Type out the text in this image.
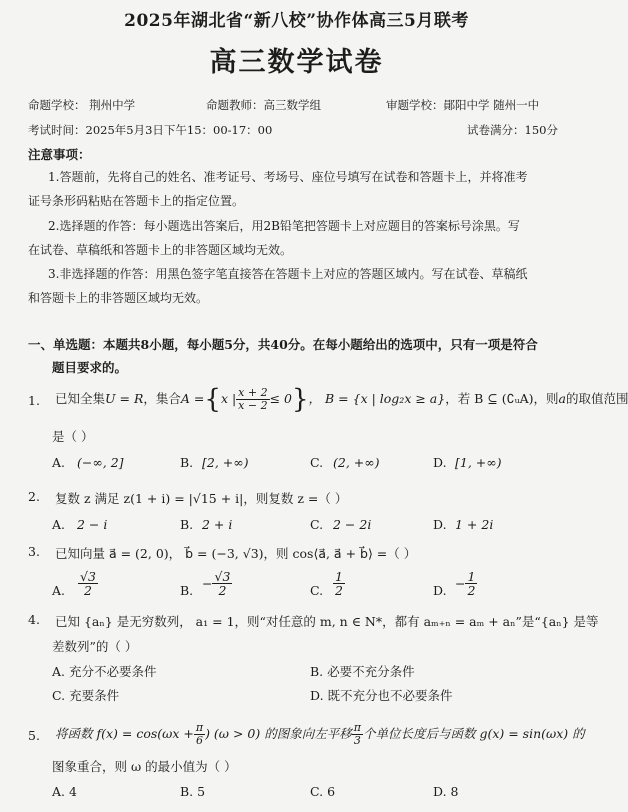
2025年湖北省“新八校”协作体高三5月联考
高三数学试卷
命题学校： 荆州中学	命题教师：高三数学组	审题学校：鄖阳中学 随州一中
考试时间：2025年5月3日下午15：00-17：00	试卷满分：150分
注意事项：
1.答题前，先将自己的姓名、准考证号、考场号、座位号填写在试卷和答题卡上，并将准考
证号条形码粘贴在答题卡上的指定位置。
2.选择题的作答：每小题选出答案后，用2B铅笔把答题卡上对应题目的答案标号涂黑。写
在试卷、草稿纸和答题卡上的非答题区域均无效。
3.非选择题的作答：用黑色签字笔直接答在答题卡上对应的答题区域内。写在试卷、草稿纸
和答题卡上的非答题区域均无效。
一、单选题：本题共8小题，每小题5分，共40分。在每小题给出的选项中，只有一项是符合
题目要求的。
1. 已知全集U = R，集合A ={x | $\frac{x + 2}{x - 2} \le 0$}， B = {x | log₂x ≥ a}，若 B ⊆ (∁ᵤA)，则a的取值范围
是（ ）
A. (−∞, 2]	B. [2, +∞)	C. (2, +∞)	D. [1, +∞)
2. 复数 z 满足 z(1 + i) = |√15 + i|，则复数 z =（ ）
A. 2 − i	B. 2 + i	C. 2 − 2i	D. 1 + 2i
3. 已知向量 a⃗ = (2, 0)， b⃗ = (−3, √3)，则 cos⟨a⃗, a⃗ + b⃗⟩ =（ ）
A. $\frac{√3}{2}$	B. − $\frac{√3}{2}$	C. $\frac{1}{2}$	D. − $\frac{1}{2}$
4. 已知 {aₙ} 是无穷数列， a₁ = 1，则“对任意的 m, n ∈ N*，都有 aₘ₊ₙ = aₘ + aₙ”是“{aₙ} 是等
差数列”的（ ）
A. 充分不必要条件	B. 必要不充分条件
C. 充要条件	D. 既不充分也不必要条件
5. 将函数 $f(x) = \cos(\omega x + \frac{\pi}{6}$ ) (ω > 0) 的图象向左平移 $\frac{\pi}{3}$ 个单位长度后与函数 g(x) = sin(ωx) 的
图象重合，则 ω 的最小值为（ ）
A. 4	B. 5	C. 6	D. 8
